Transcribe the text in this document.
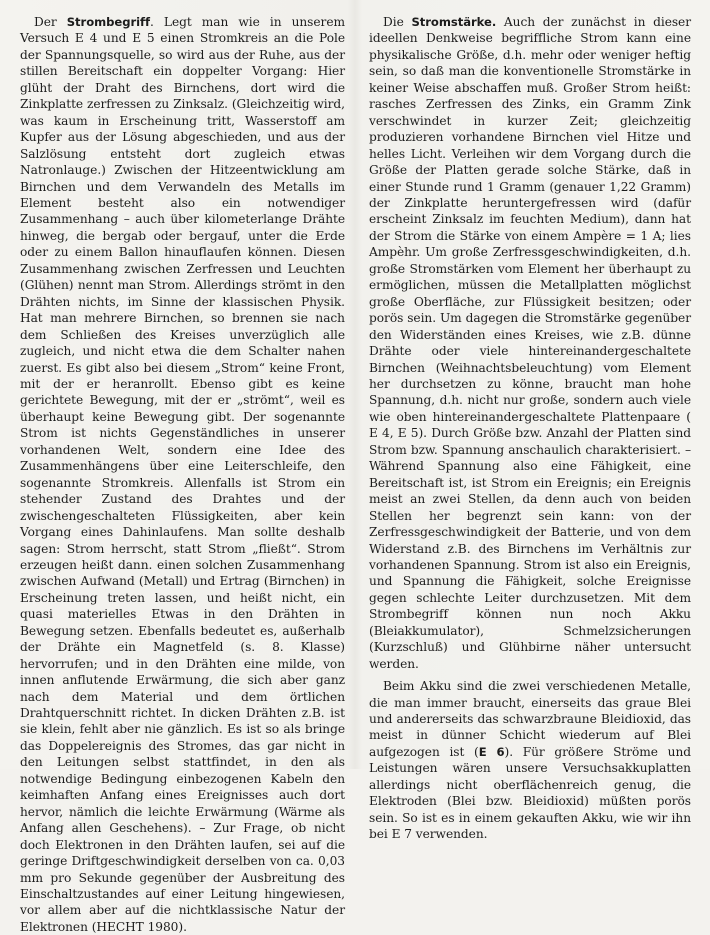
Der Strombegriff. Legt man wie in unserem Versuch E 4 und E 5 einen Stromkreis an die Pole der Spannungsquelle, so wird aus der Ruhe, aus der stillen Bereitschaft ein doppelter Vorgang: Hier glüht der Draht des Birnchens, dort wird die Zinkplatte zerfressen zu Zinksalz. (Gleichzeitig wird, was kaum in Erscheinung tritt, Wasserstoff am Kupfer aus der Lösung abgeschieden, und aus der Salzlösung entsteht dort zugleich etwas Natronlauge.) Zwischen der Hitzeentwicklung am Birnchen und dem Verwandeln des Metalls im Element besteht also ein notwendiger Zusammenhang – auch über kilometerlange Drähte hinweg, die bergab oder bergauf, unter die Erde oder zu einem Ballon hinauflaufen können. Diesen Zusammenhang zwischen Zerfressen und Leuchten (Glühen) nennt man Strom. Allerdings strömt in den Drähten nichts, im Sinne der klassischen Physik. Hat man mehrere Birnchen, so brennen sie nach dem Schließen des Kreises unverzüglich alle zugleich, und nicht etwa die dem Schalter nahen zuerst. Es gibt also bei diesem „Strom“ keine Front, mit der er heranrollt. Ebenso gibt es keine gerichtete Bewegung, mit der er „strömt“, weil es überhaupt keine Bewegung gibt. Der sogenannte Strom ist nichts Gegenständliches in unserer vorhandenen Welt, sondern eine Idee des Zusammenhängens über eine Leiterschleife, den sogenannte Stromkreis. Allenfalls ist Strom ein stehender Zustand des Drahtes und der zwischengeschalteten Flüssigkeiten, aber kein Vorgang eines Dahinlaufens. Man sollte deshalb sagen: Strom herrscht, statt Strom „fließt“. Strom erzeugen heißt dann. einen solchen Zusammenhang zwischen Aufwand (Metall) und Ertrag (Birnchen) in Erscheinung treten lassen, und heißt nicht, ein quasi materielles Etwas in den Drähten in Bewegung setzen. Ebenfalls bedeutet es, außerhalb der Drähte ein Magnetfeld (s. 8. Klasse) hervorrufen; und in den Drähten eine milde, von innen anflutende Erwärmung, die sich aber ganz nach dem Material und dem örtlichen Drahtquerschnitt richtet. In dicken Drähten z.B. ist sie klein, fehlt aber nie gänzlich. Es ist so als bringe das Doppelereignis des Stromes, das gar nicht in den Leitungen selbst stattfindet, in den als notwendige Bedingung einbezogenen Kabeln den keimhaften Anfang eines Ereignisses auch dort hervor, nämlich die leichte Erwärmung (Wärme als Anfang allen Geschehens). – Zur Frage, ob nicht doch Elektronen in den Drähten laufen, sei auf die geringe Driftgeschwindigkeit derselben von ca. 0,03 mm pro Sekunde gegenüber der Ausbreitung des Einschaltzustandes auf einer Leitung hingewiesen, vor allem aber auf die nichtklassische Natur der Elektronen (HECHT 1980).

Die Stromstärke. Auch der zunächst in dieser ideellen Denkweise begriffliche Strom kann eine physikalische Größe, d.h. mehr oder weniger heftig sein, so daß man die konventionelle Stromstärke in keiner Weise abschaffen muß. Großer Strom heißt: rasches Zerfressen des Zinks, ein Gramm Zink verschwindet in kurzer Zeit; gleichzeitig produzieren vorhandene Birnchen viel Hitze und helles Licht. Verleihen wir dem Vorgang durch die Größe der Platten gerade solche Stärke, daß in einer Stunde rund 1 Gramm (genauer 1,22 Gramm) der Zinkplatte heruntergefressen wird (dafür erscheint Zinksalz im feuchten Medium), dann hat der Strom die Stärke von einem Ampère = 1 A; lies Ampèhr. Um große Zerfressgeschwindigkeiten, d.h. große Stromstärken vom Element her überhaupt zu ermöglichen, müssen die Metallplatten möglichst große Oberfläche, zur Flüssigkeit besitzen; oder porös sein. Um dagegen die Stromstärke gegenüber den Widerständen eines Kreises, wie z.B. dünne Drähte oder viele hintereinandergeschaltete Birnchen (Weihnachtsbeleuchtung) vom Element her durchsetzen zu könne, braucht man hohe Spannung, d.h. nicht nur große, sondern auch viele wie oben hintereinandergeschaltete Plattenpaare ( E 4, E 5). Durch Größe bzw. Anzahl der Platten sind Strom bzw. Spannung anschaulich charakterisiert. – Während Spannung also eine Fähigkeit, eine Bereitschaft ist, ist Strom ein Ereignis; ein Ereignis meist an zwei Stellen, da denn auch von beiden Stellen her begrenzt sein kann: von der Zerfressgeschwindigkeit der Batterie, und von dem Widerstand z.B. des Birnchens im Verhältnis zur vorhandenen Spannung. Strom ist also ein Ereignis, und Spannung die Fähigkeit, solche Ereignisse gegen schlechte Leiter durchzusetzen. Mit dem Strombegriff können nun noch Akku (Bleiakkumulator), Schmelzsicherungen (Kurzschluß) und Glühbirne näher untersucht werden.

Beim Akku sind die zwei verschiedenen Metalle, die man immer braucht, einerseits das graue Blei und andererseits das schwarzbraune Bleidioxid, das meist in dünner Schicht wiederum auf Blei aufgezogen ist (E 6). Für größere Ströme und Leistungen wären unsere Versuchsakkuplatten allerdings nicht oberflächenreich genug, die Elektroden (Blei bzw. Bleidioxid) müßten porös sein. So ist es in einem gekauften Akku, wie wir ihn bei E 7 verwenden.
